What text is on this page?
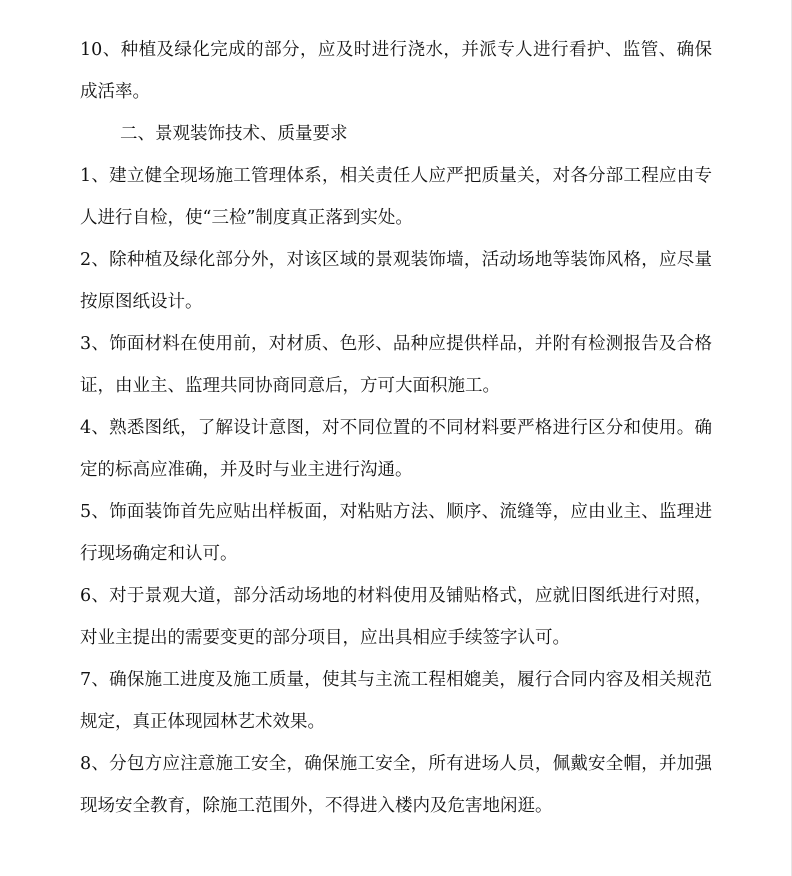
10、种植及绿化完成的部分，应及时进行浇水，并派专人进行看护、监管、确保成活率。

二、景观装饰技术、质量要求

1、建立健全现场施工管理体系，相关责任人应严把质量关，对各分部工程应由专人进行自检，使“三检”制度真正落到实处。

2、除种植及绿化部分外，对该区域的景观装饰墙，活动场地等装饰风格，应尽量按原图纸设计。

3、饰面材料在使用前，对材质、色形、品种应提供样品，并附有检测报告及合格证，由业主、监理共同协商同意后，方可大面积施工。

4、熟悉图纸，了解设计意图，对不同位置的不同材料要严格进行区分和使用。确定的标高应准确，并及时与业主进行沟通。

5、饰面装饰首先应贴出样板面，对粘贴方法、顺序、流缝等，应由业主、监理进行现场确定和认可。

6、对于景观大道，部分活动场地的材料使用及铺贴格式，应就旧图纸进行对照，对业主提出的需要变更的部分项目，应出具相应手续签字认可。

7、确保施工进度及施工质量，使其与主流工程相媲美，履行合同内容及相关规范规定，真正体现园林艺术效果。

8、分包方应注意施工安全，确保施工安全，所有进场人员，佩戴安全帽，并加强现场安全教育，除施工范围外，不得进入楼内及危害地闲逛。
